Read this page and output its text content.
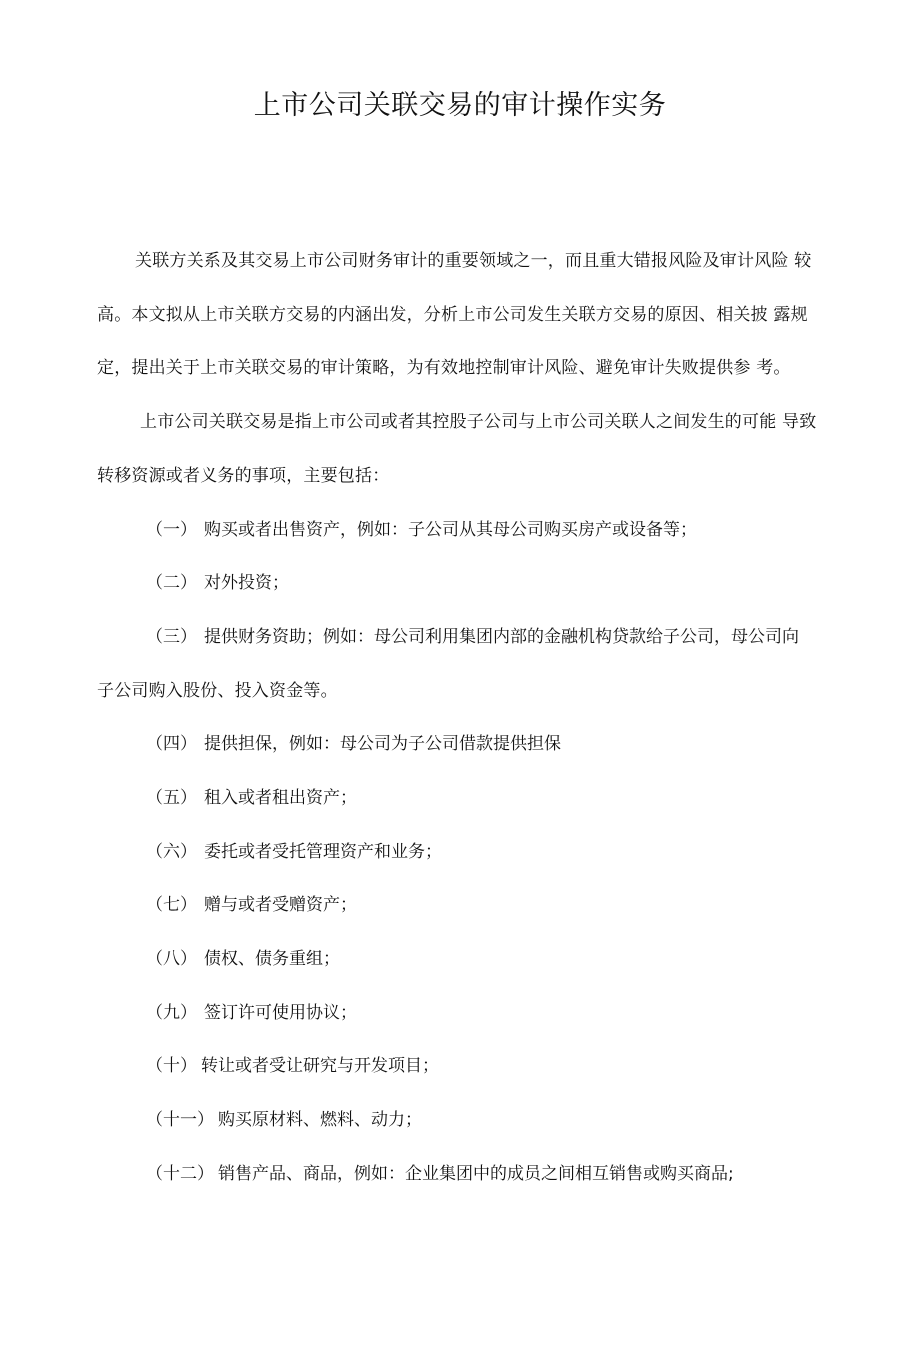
上市公司关联交易的审计操作实务
关联方关系及其交易上市公司财务审计的重要领域之一，而且重大错报风险及审计风险 较
高。本文拟从上市关联方交易的内涵出发，分析上市公司发生关联方交易的原因、相关披 露规
定，提出关于上市关联交易的审计策略，为有效地控制审计风险、避免审计失败提供参 考。
上市公司关联交易是指上市公司或者其控股子公司与上市公司关联人之间发生的可能 导致
转移资源或者义务的事项，主要包括：
（一） 购买或者出售资产，例如：子公司从其母公司购买房产或设备等；
（二） 对外投资；
（三） 提供财务资助；例如：母公司利用集团内部的金融机构贷款给子公司，母公司向
子公司购入股份、投入资金等。
（四） 提供担保，例如：母公司为子公司借款提供担保
（五） 租入或者租出资产；
（六） 委托或者受托管理资产和业务；
（七） 赠与或者受赠资产；
（八） 债权、债务重组；
（九） 签订许可使用协议；
（十） 转让或者受让研究与开发项目；
（十一） 购买原材料、燃料、动力；
（十二） 销售产品、商品，例如：企业集团中的成员之间相互销售或购买商品;
